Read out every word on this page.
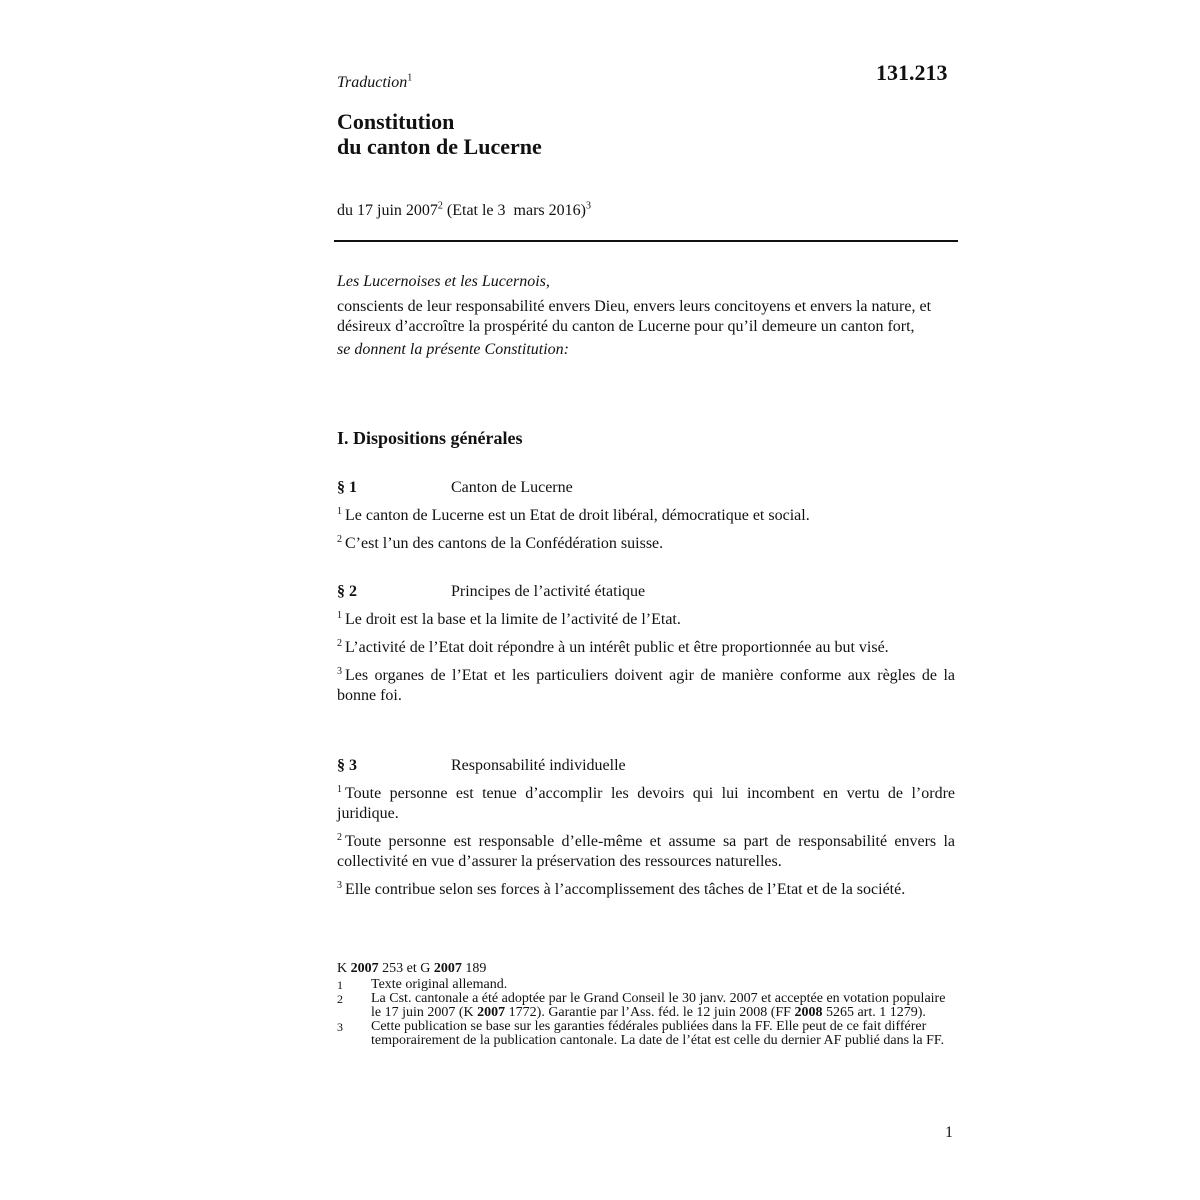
131.213
Traduction$^1$
Constitution
du canton de Lucerne
du 17 juin 2007$^2$ (Etat le 3 mars 2016)$^3$

Les Lucernoises et les Lucernois,

conscients de leur responsabilité envers Dieu, envers leurs concitoyens et envers la nature, et désireux d’accroître la prospérité du canton de Lucerne pour qu’il demeure un canton fort,

se donnent la présente Constitution:

I. Dispositions générales
§ 1	Canton de Lucerne

$^1$ Le canton de Lucerne est un Etat de droit libéral, démocratique et social.

$^2$ C’est l’un des cantons de la Confédération suisse.

§ 2	Principes de l’activité étatique

$^1$ Le droit est la base et la limite de l’activité de l’Etat.

$^2$ L’activité de l’Etat doit répondre à un intérêt public et être proportionnée au but visé.

$^3$ Les organes de l’Etat et les particuliers doivent agir de manière conforme aux règles de la bonne foi.

§ 3	Responsabilité individuelle

$^1$ Toute personne est tenue d’accomplir les devoirs qui lui incombent en vertu de l’ordre juridique.

$^2$ Toute personne est responsable d’elle-même et assume sa part de responsabilité envers la collectivité en vue d’assurer la préservation des ressources naturelles.

$^3$ Elle contribue selon ses forces à l’accomplissement des tâches de l’Etat et de la société.

K 2007 253 et G 2007 189

1 Texte original allemand.

2 La Cst. cantonale a été adoptée par le Grand Conseil le 30 janv. 2007 et acceptée en votation populaire le 17 juin 2007 (K 2007 1772). Garantie par l’Ass. féd. le 12 juin 2008 (FF 2008 5265 art. 1 1279).

3 Cette publication se base sur les garanties fédérales publiées dans la FF. Elle peut de ce fait différer temporairement de la publication cantonale. La date de l’état est celle du dernier AF publié dans la FF.

1
